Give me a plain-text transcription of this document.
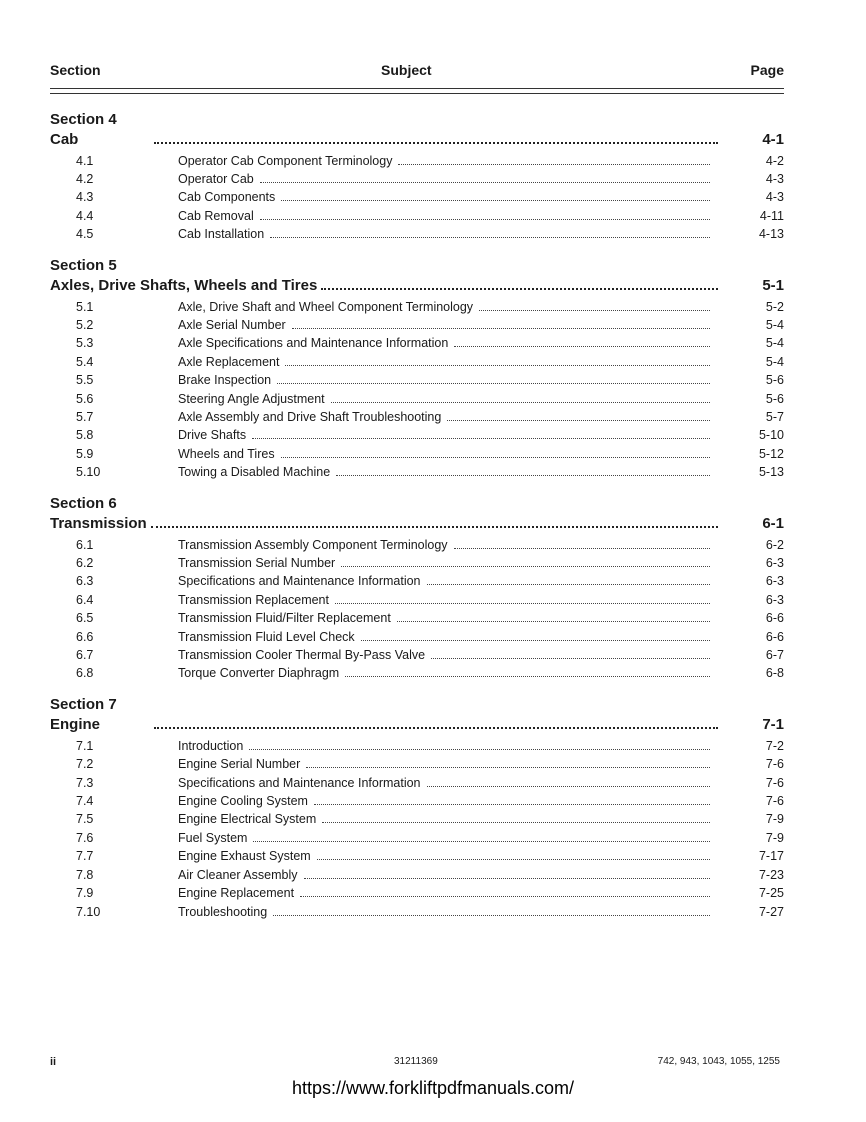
Section	Subject	Page
Section 4
Cab	4-1
4.1	Operator Cab Component Terminology	4-2
4.2	Operator Cab	4-3
4.3	Cab Components	4-3
4.4	Cab Removal	4-11
4.5	Cab Installation	4-13
Section 5
Axles, Drive Shafts, Wheels and Tires	5-1
5.1	Axle, Drive Shaft and Wheel Component Terminology	5-2
5.2	Axle Serial Number	5-4
5.3	Axle Specifications and Maintenance Information	5-4
5.4	Axle Replacement	5-4
5.5	Brake Inspection	5-6
5.6	Steering Angle Adjustment	5-6
5.7	Axle Assembly and Drive Shaft Troubleshooting	5-7
5.8	Drive Shafts	5-10
5.9	Wheels and Tires	5-12
5.10	Towing a Disabled Machine	5-13
Section 6
Transmission	6-1
6.1	Transmission Assembly Component Terminology	6-2
6.2	Transmission Serial Number	6-3
6.3	Specifications and Maintenance Information	6-3
6.4	Transmission Replacement	6-3
6.5	Transmission Fluid/Filter Replacement	6-6
6.6	Transmission Fluid Level Check	6-6
6.7	Transmission Cooler Thermal By-Pass Valve	6-7
6.8	Torque Converter Diaphragm	6-8
Section 7
Engine	7-1
7.1	Introduction	7-2
7.2	Engine Serial Number	7-6
7.3	Specifications and Maintenance Information	7-6
7.4	Engine Cooling System	7-6
7.5	Engine Electrical System	7-9
7.6	Fuel System	7-9
7.7	Engine Exhaust System	7-17
7.8	Air Cleaner Assembly	7-23
7.9	Engine Replacement	7-25
7.10	Troubleshooting	7-27
ii	31211369	742, 943, 1043, 1055, 1255
https://www.forkliftpdfmanuals.com/
